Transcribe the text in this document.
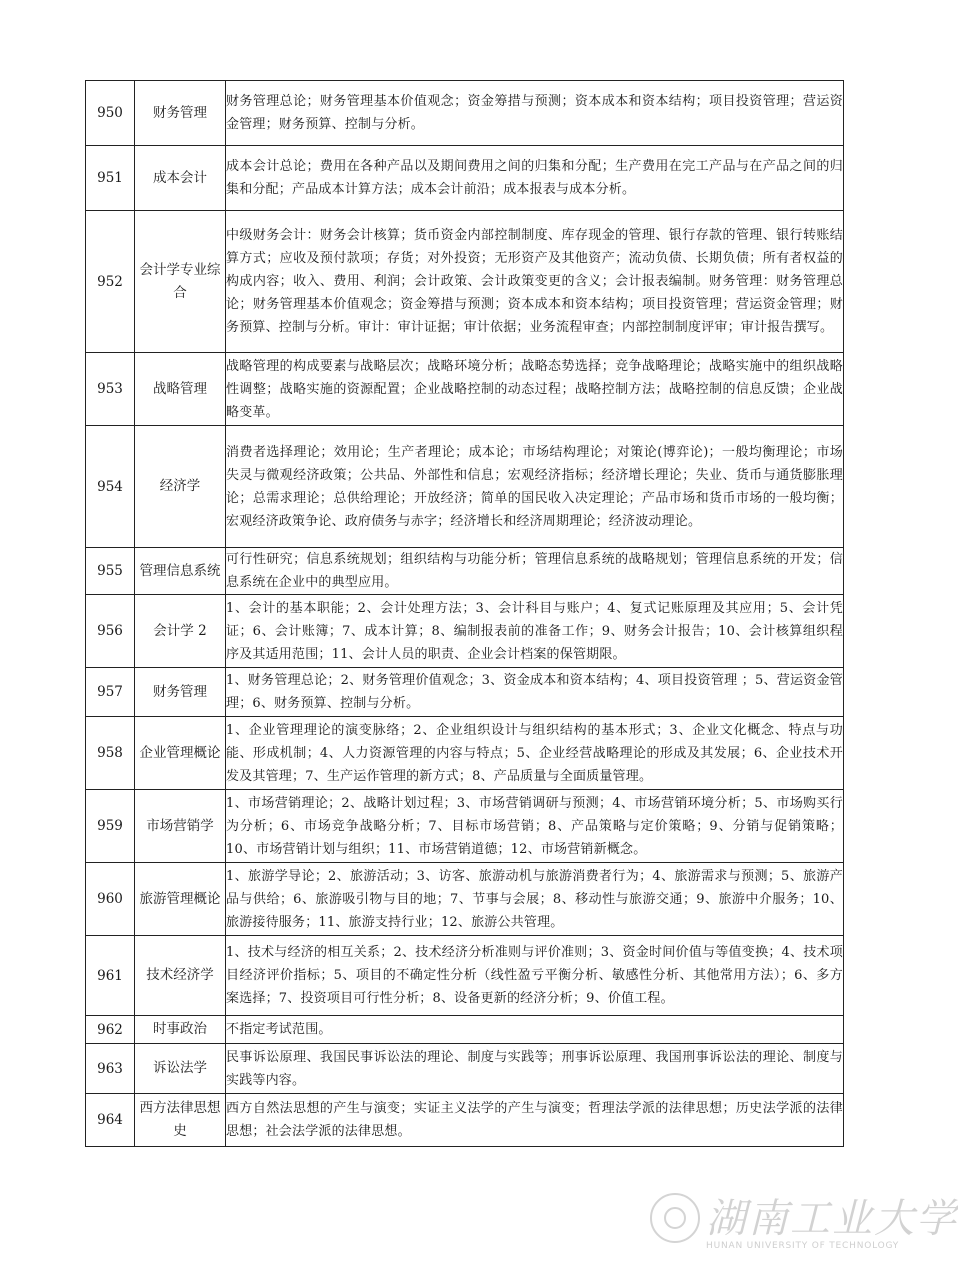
950	财务管理	财务管理总论；财务管理基本价值观念；资金筹措与预测；资本成本和资本结构；项目投资管理；营运资金管理；财务预算、控制与分析。
951	成本会计	成本会计总论；费用在各种产品以及期间费用之间的归集和分配；生产费用在完工产品与在产品之间的归集和分配；产品成本计算方法；成本会计前沿；成本报表与成本分析。
952	会计学专业综合	中级财务会计：财务会计核算；货币资金内部控制制度、库存现金的管理、银行存款的管理、银行转账结算方式；应收及预付款项；存货；对外投资；无形资产及其他资产；流动负债、长期负债；所有者权益的构成内容；收入、费用、利润；会计政策、会计政策变更的含义；会计报表编制。财务管理：财务管理总论；财务管理基本价值观念；资金筹措与预测；资本成本和资本结构；项目投资管理；营运资金管理；财务预算、控制与分析。审计：审计证据；审计依据；业务流程审查；内部控制制度评审；审计报告撰写。
953	战略管理	战略管理的构成要素与战略层次；战略环境分析；战略态势选择；竞争战略理论；战略实施中的组织战略性调整；战略实施的资源配置；企业战略控制的动态过程；战略控制方法；战略控制的信息反馈；企业战略变革。
954	经济学	消费者选择理论；效用论；生产者理论；成本论；市场结构理论；对策论(博弈论)；一般均衡理论；市场失灵与微观经济政策；公共品、外部性和信息；宏观经济指标；经济增长理论；失业、货币与通货膨胀理论；总需求理论；总供给理论；开放经济；简单的国民收入决定理论；产品市场和货币市场的一般均衡；宏观经济政策争论、政府债务与赤字；经济增长和经济周期理论；经济波动理论。
955	管理信息系统	可行性研究；信息系统规划；组织结构与功能分析；管理信息系统的战略规划；管理信息系统的开发；信息系统在企业中的典型应用。
956	会计学 2	1、会计的基本职能；2、会计处理方法；3、会计科目与账户；4、复式记账原理及其应用；5、会计凭证；6、会计账簿；7、成本计算；8、编制报表前的准备工作；9、财务会计报告；10、会计核算组织程序及其适用范围；11、会计人员的职责、企业会计档案的保管期限。
957	财务管理	1、财务管理总论；2、财务管理价值观念；3、资金成本和资本结构；4、项目投资管理 ；5、营运资金管理；6、财务预算、控制与分析。
958	企业管理概论	1、企业管理理论的演变脉络；2、企业组织设计与组织结构的基本形式；3、企业文化概念、特点与功能、形成机制；4、人力资源管理的内容与特点；5、企业经营战略理论的形成及其发展；6、企业技术开发及其管理；7、生产运作管理的新方式；8、产品质量与全面质量管理。
959	市场营销学	1、市场营销理论；2、战略计划过程；3、市场营销调研与预测；4、市场营销环境分析；5、市场购买行为分析；6、市场竞争战略分析；7、目标市场营销；8、产品策略与定价策略；9、分销与促销策略；10、市场营销计划与组织；11、市场营销道德；12、市场营销新概念。
960	旅游管理概论	1、旅游学导论；2、旅游活动；3、访客、旅游动机与旅游消费者行为；4、旅游需求与预测；5、旅游产品与供给；6、旅游吸引物与目的地；7、节事与会展；8、移动性与旅游交通；9、旅游中介服务；10、旅游接待服务；11、旅游支持行业；12、旅游公共管理。
961	技术经济学	1、技术与经济的相互关系；2、技术经济分析准则与评价准则；3、资金时间价值与等值变换；4、技术项目经济评价指标；5、项目的不确定性分析（线性盈亏平衡分析、敏感性分析、其他常用方法）；6、多方案选择；7、投资项目可行性分析；8、设备更新的经济分析；9、价值工程。
962	时事政治	不指定考试范围。
963	诉讼法学	民事诉讼原理、我国民事诉讼法的理论、制度与实践等；刑事诉讼原理、我国刑事诉讼法的理论、制度与实践等内容。
964	西方法律思想史	西方自然法思想的产生与演变；实证主义法学的产生与演变；哲理法学派的法律思想；历史法学派的法律思想；社会法学派的法律思想。
湖南工业大学
HUNAN UNIVERSITY OF TECHNOLOGY
